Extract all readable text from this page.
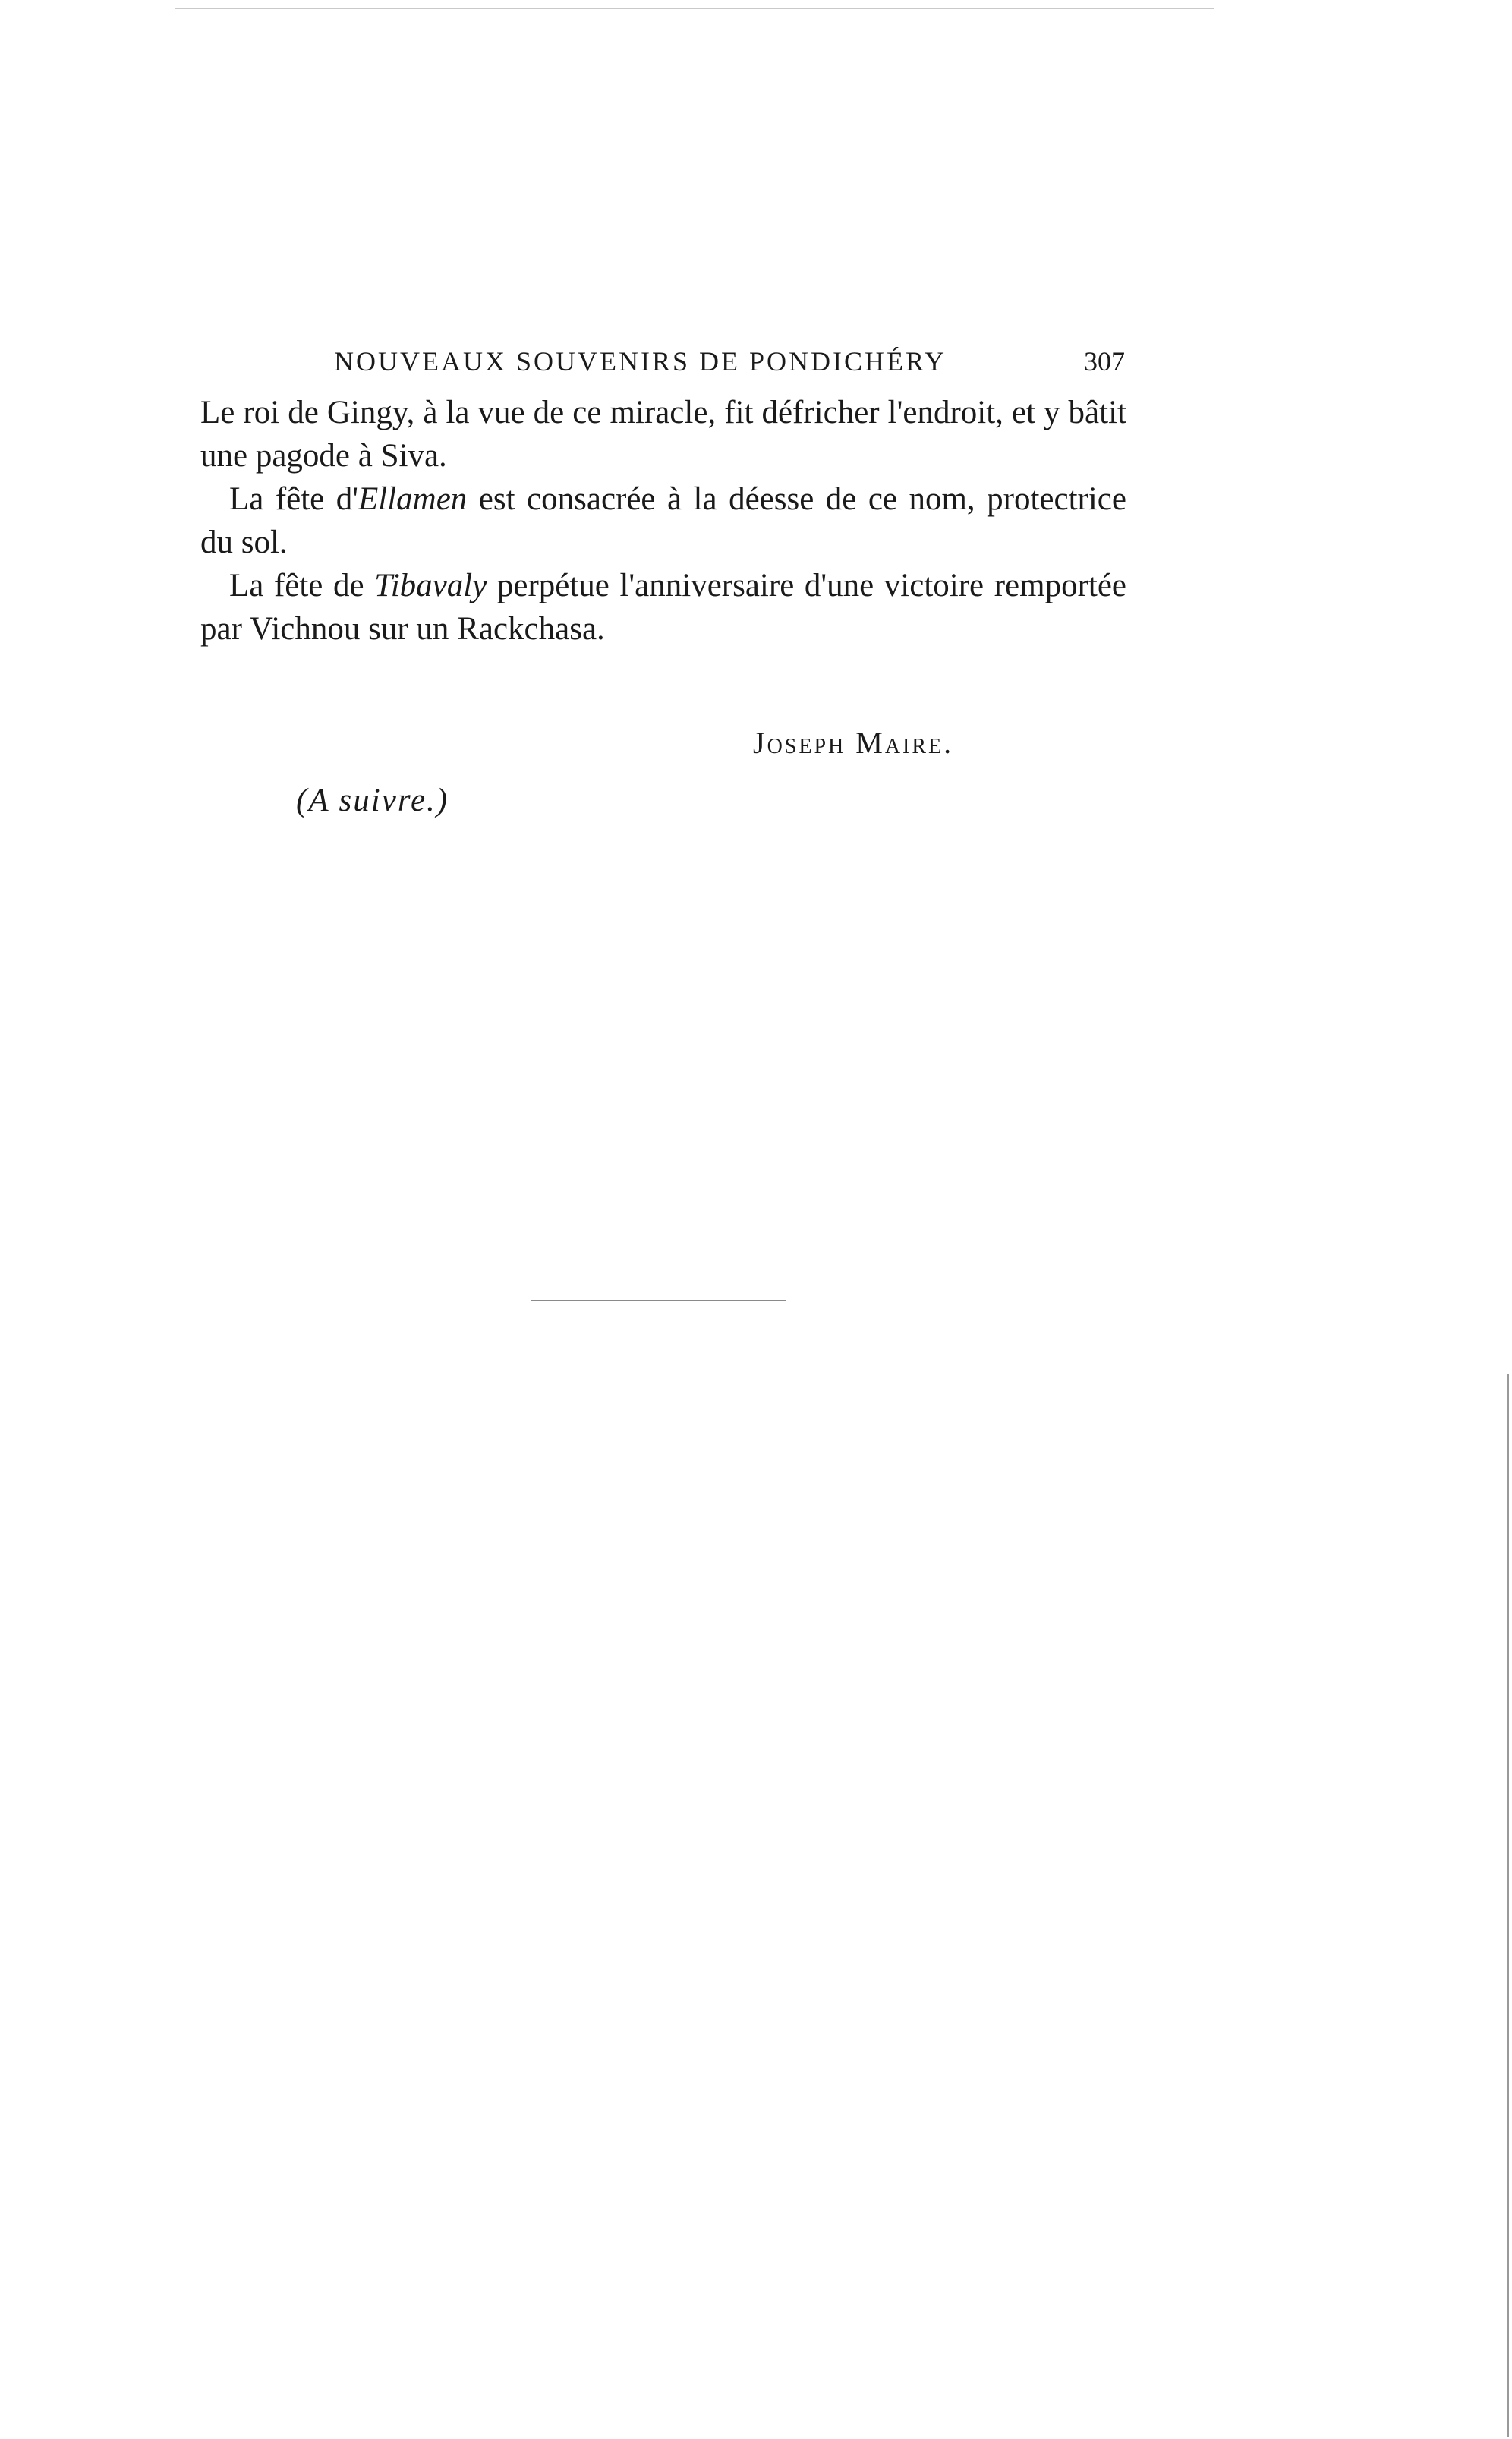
NOUVEAUX SOUVENIRS DE PONDICHÉRY	307

Le roi de Gingy, à la vue de ce miracle, fit défricher l'endroit, et y bâtit une pagode à Siva.

La fête d'Ellamen est consacrée à la déesse de ce nom, protectrice du sol.

La fête de Tibavaly perpétue l'anniversaire d'une victoire remportée par Vichnou sur un Rackchasa.

Joseph Maire.
(A suivre.)
